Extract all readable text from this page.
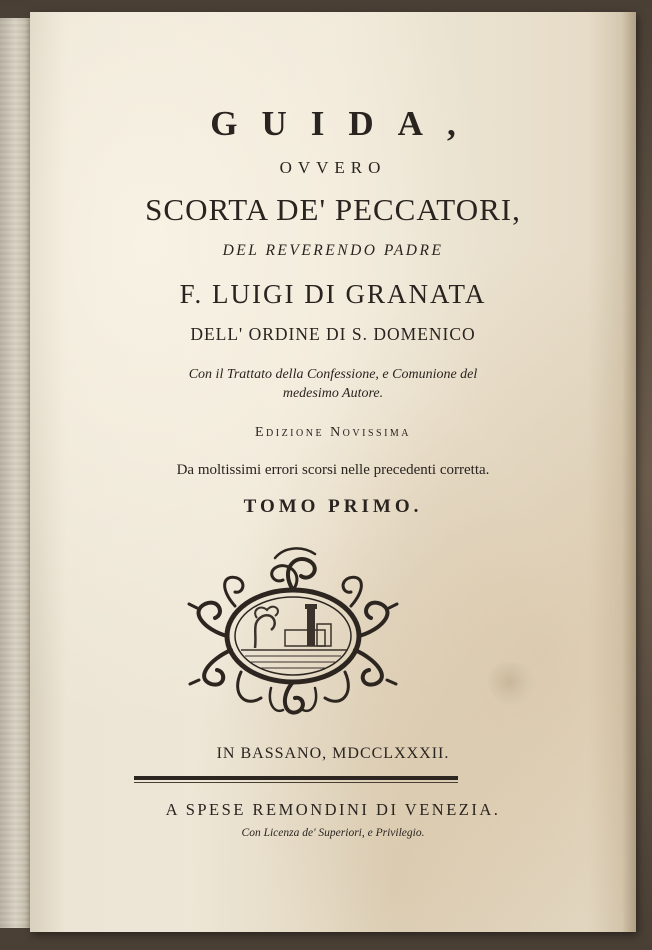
GUIDA,
OVVERO
SCORTA DE' PECCATORI,
DEL REVERENDO PADRE
F. LUIGI DI GRANATA
DELL' ORDINE DI S. DOMENICO
Con il Trattato della Confessione, e Comunione del
medesimo Autore.
Edizione Novissima
Da moltissimi errori scorsi nelle precedenti corretta.
TOMO PRIMO.
IN BASSANO, MDCCLXXXII.
A SPESE REMONDINI DI VENEZIA.
Con Licenza de' Superiori, e Privilegio.
